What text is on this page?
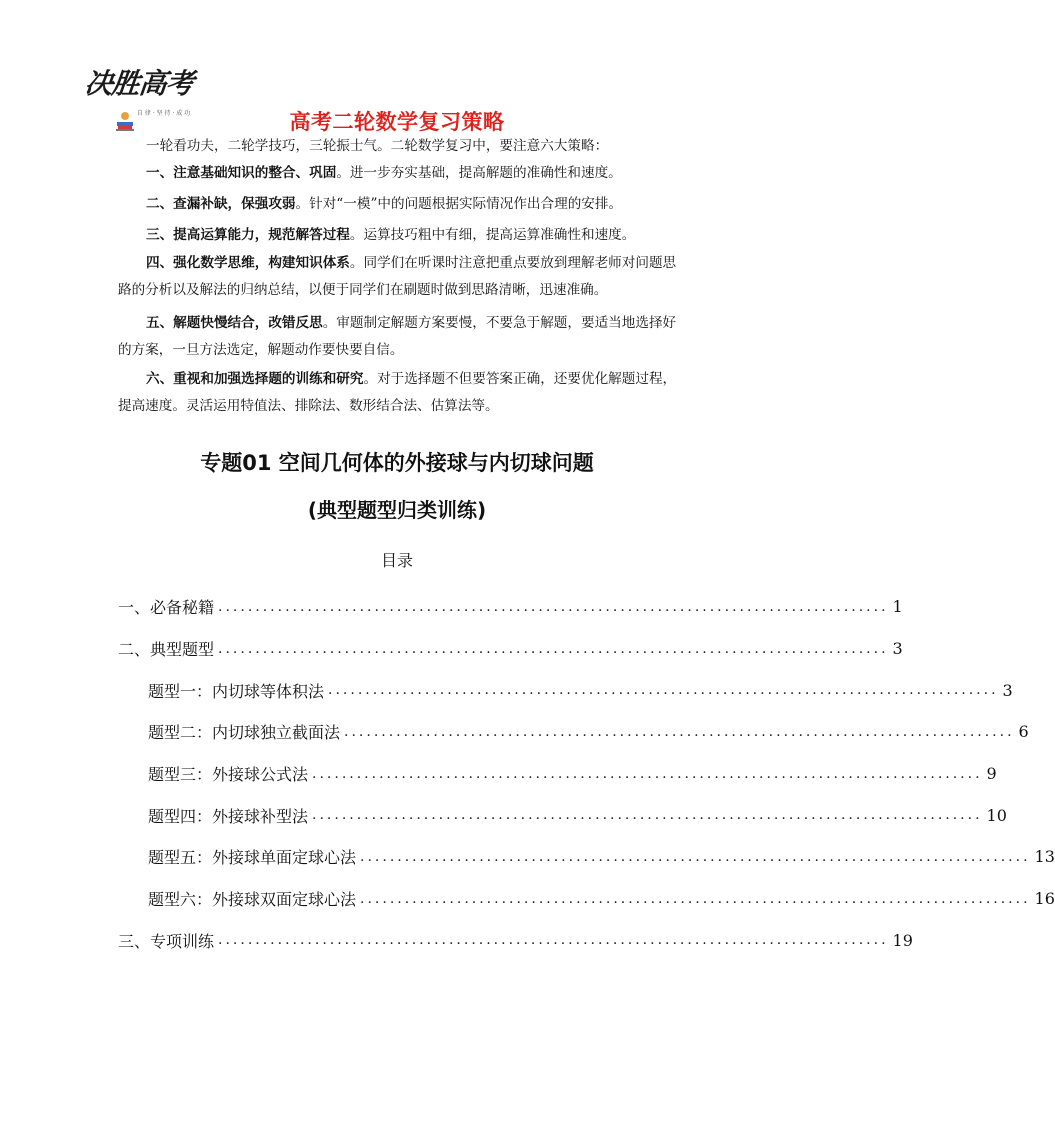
决胜高考
自 律 · 坚 持 · 成 功	高考二轮数学复习策略

一轮看功夫，二轮学技巧，三轮振士气。二轮数学复习中，要注意六大策略：

一、注意基础知识的整合、巩固。进一步夯实基础，提高解题的准确性和速度。

二、查漏补缺，保强攻弱。针对“一模”中的问题根据实际情况作出合理的安排。

三、提高运算能力，规范解答过程。运算技巧粗中有细，提高运算准确性和速度。

四、强化数学思维，构建知识体系。同学们在听课时注意把重点要放到理解老师对问题思路的分析以及解法的归纳总结，以便于同学们在刷题时做到思路清晰，迅速准确。

五、解题快慢结合，改错反思。审题制定解题方案要慢，不要急于解题，要适当地选择好的方案，一旦方法选定，解题动作要快要自信。

六、重视和加强选择题的训练和研究。对于选择题不但要答案正确，还要优化解题过程，提高速度。灵活运用特值法、排除法、数形结合法、估算法等。

专题01 空间几何体的外接球与内切球问题
(典型题型归类训练)
目录
一、必备秘籍 .......................................................................................... 1
二、典型题型 .......................................................................................... 3
题型一：内切球等体积法 .......................................................................................... 3
题型二：内切球独立截面法 .......................................................................................... 6
题型三：外接球公式法 .......................................................................................... 9
题型四：外接球补型法 .......................................................................................... 10
题型五：外接球单面定球心法 .......................................................................................... 13
题型六：外接球双面定球心法 .......................................................................................... 16
三、专项训练 .......................................................................................... 19
